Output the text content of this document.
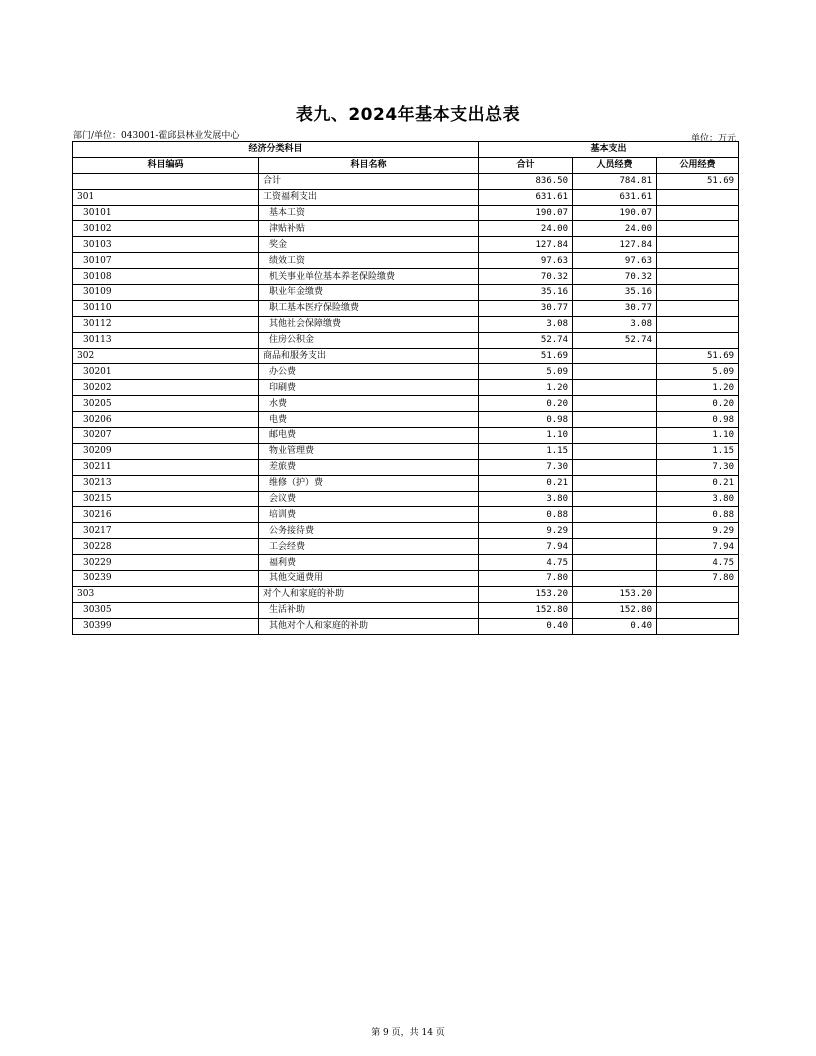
表九、2024年基本支出总表
部门/单位：043001-霍邱县林业发展中心	单位：万元
经济分类科目		基本支出		
科目编码	科目名称	合计	人员经费	公用经费
	合计	836.50	784.81	51.69
301	工资福利支出	631.61	631.61	
30101	基本工资	190.07	190.07	
30102	津贴补贴	24.00	24.00	
30103	奖金	127.84	127.84	
30107	绩效工资	97.63	97.63	
30108	机关事业单位基本养老保险缴费	70.32	70.32	
30109	职业年金缴费	35.16	35.16	
30110	职工基本医疗保险缴费	30.77	30.77	
30112	其他社会保障缴费	3.08	3.08	
30113	住房公积金	52.74	52.74	
302	商品和服务支出	51.69		51.69
30201	办公费	5.09		5.09
30202	印刷费	1.20		1.20
30205	水费	0.20		0.20
30206	电费	0.98		0.98
30207	邮电费	1.10		1.10
30209	物业管理费	1.15		1.15
30211	差旅费	7.30		7.30
30213	维修（护）费	0.21		0.21
30215	会议费	3.80		3.80
30216	培训费	0.88		0.88
30217	公务接待费	9.29		9.29
30228	工会经费	7.94		7.94
30229	福利费	4.75		4.75
30239	其他交通费用	7.80		7.80
303	对个人和家庭的补助	153.20	153.20	
30305	生活补助	152.80	152.80	
30399	其他对个人和家庭的补助	0.40	0.40	
第 9 页，共 14 页
